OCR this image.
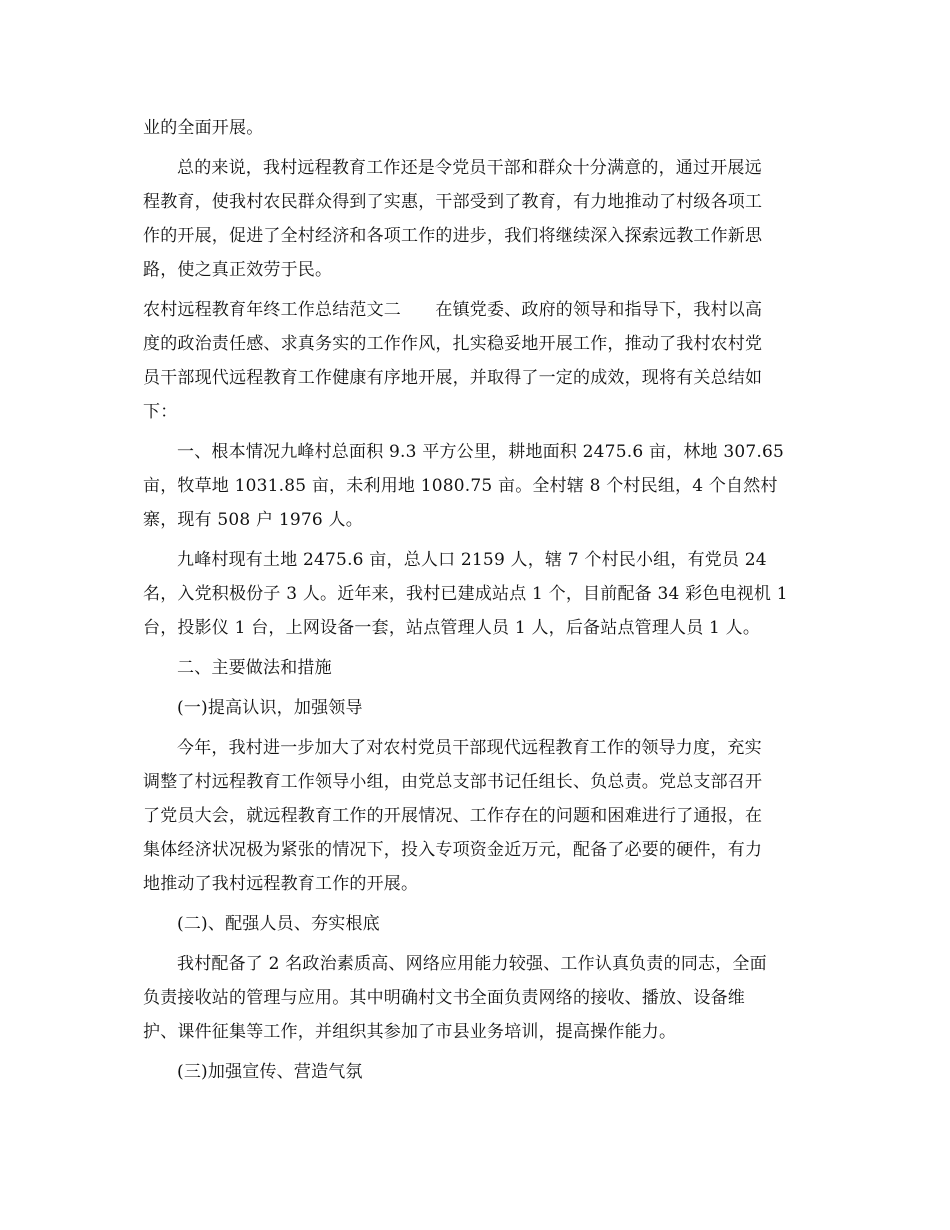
业的全面开展。
总的来说，我村远程教育工作还是令党员干部和群众十分满意的，通过开展远
程教育，使我村农民群众得到了实惠，干部受到了教育，有力地推动了村级各项工
作的开展，促进了全村经济和各项工作的进步，我们将继续深入探索远教工作新思
路，使之真正效劳于民。
农村远程教育年终工作总结范文二　　在镇党委、政府的领导和指导下，我村以高
度的政治责任感、求真务实的工作作风，扎实稳妥地开展工作，推动了我村农村党
员干部现代远程教育工作健康有序地开展，并取得了一定的成效，现将有关总结如
下：
一、根本情况九峰村总面积 9.3 平方公里，耕地面积 2475.6 亩，林地 307.65
亩，牧草地 1031.85 亩，未利用地 1080.75 亩。全村辖 8 个村民组，4 个自然村
寨，现有 508 户 1976 人。
九峰村现有土地 2475.6 亩，总人口 2159 人，辖 7 个村民小组，有党员 24
名，入党积极份子 3 人。近年来，我村已建成站点 1 个，目前配备 34 彩色电视机 1
台，投影仪 1 台，上网设备一套，站点管理人员 1 人，后备站点管理人员 1 人。
二、主要做法和措施
(一)提高认识，加强领导
今年，我村进一步加大了对农村党员干部现代远程教育工作的领导力度，充实
调整了村远程教育工作领导小组，由党总支部书记任组长、负总责。党总支部召开
了党员大会，就远程教育工作的开展情况、工作存在的问题和困难进行了通报，在
集体经济状况极为紧张的情况下，投入专项资金近万元，配备了必要的硬件，有力
地推动了我村远程教育工作的开展。
(二)、配强人员、夯实根底
我村配备了 2 名政治素质高、网络应用能力较强、工作认真负责的同志，全面
负责接收站的管理与应用。其中明确村文书全面负责网络的接收、播放、设备维
护、课件征集等工作，并组织其参加了市县业务培训，提高操作能力。
(三)加强宣传、营造气氛
